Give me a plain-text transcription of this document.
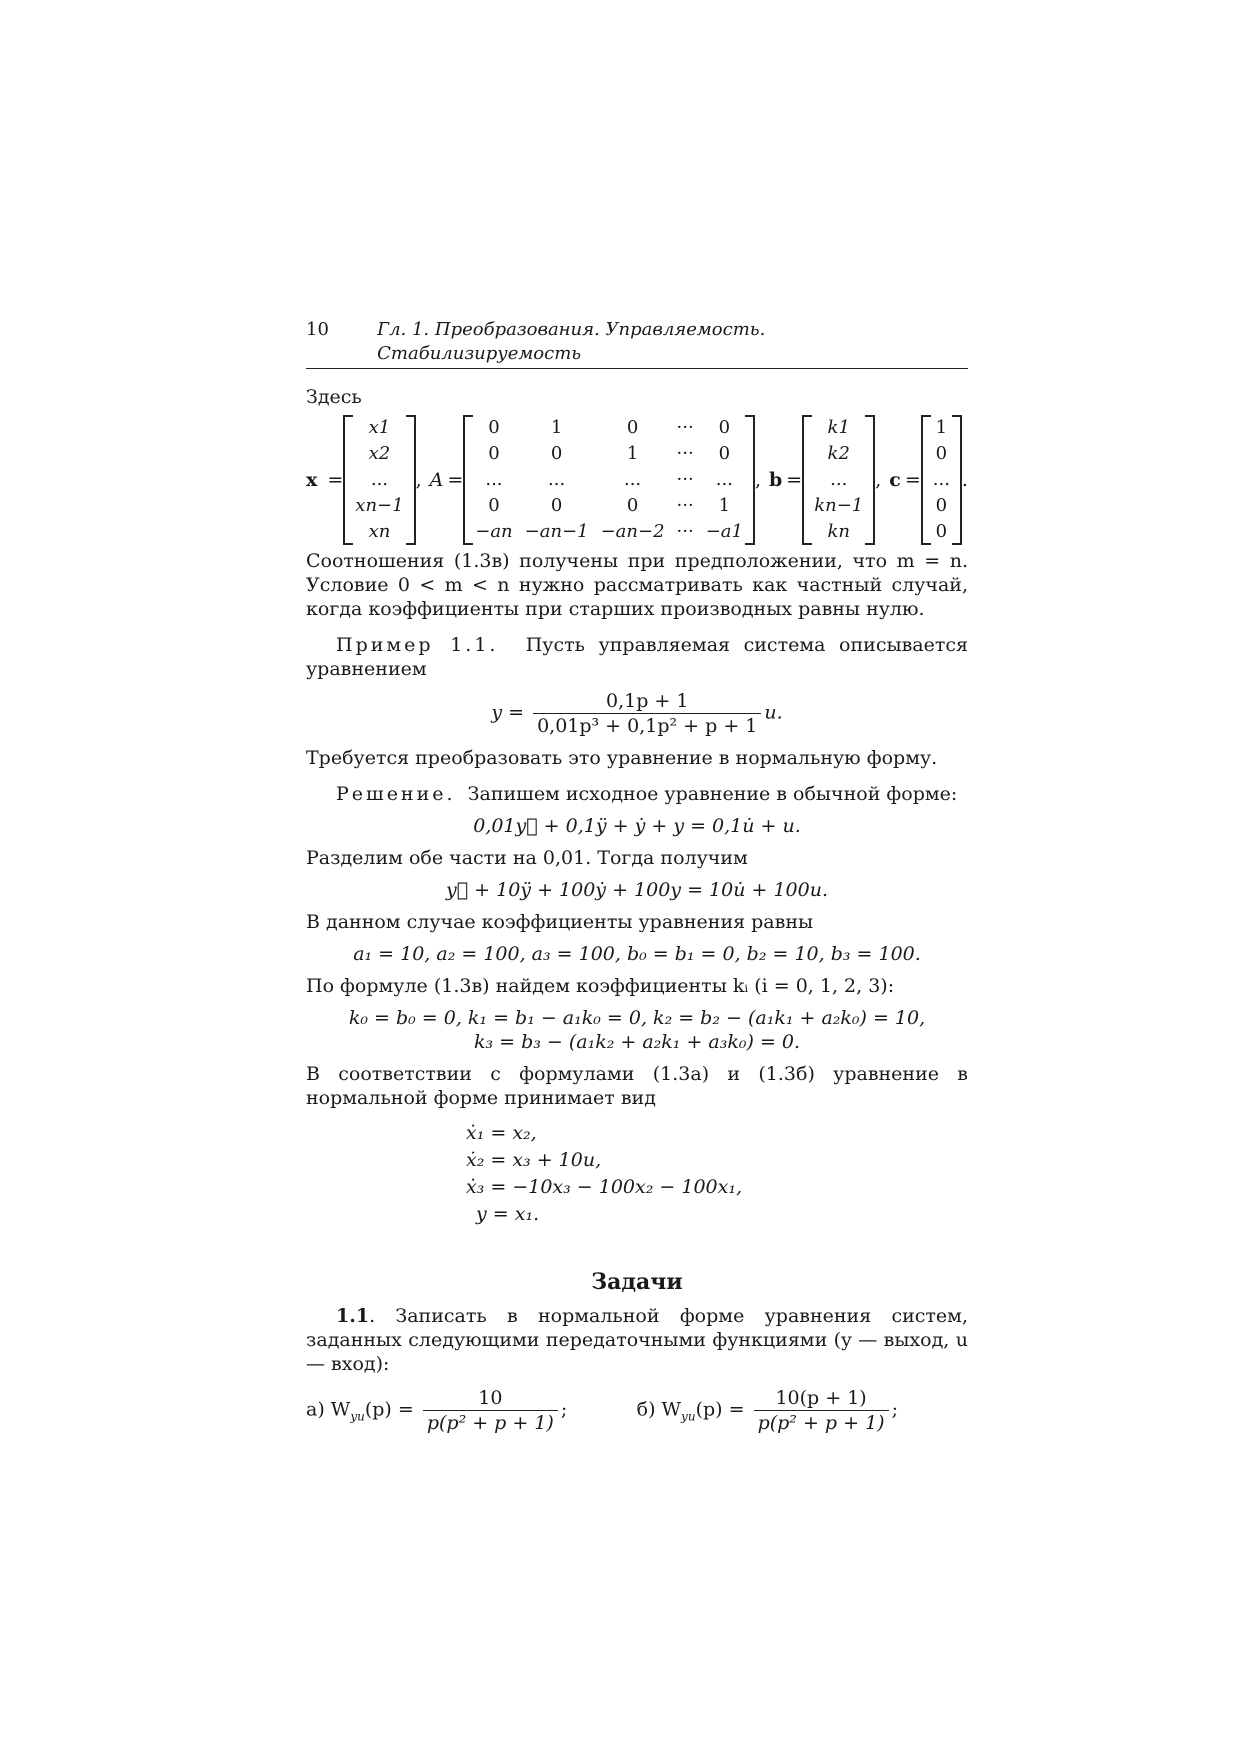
10	Гл. 1. Преобразования. Управляемость. Стабилизируемость

Здесь

x =
x1
x2
...
xn−1
xn
, A =
0	1	0	···	0
0	0	1	···	0
...	...	...	···	...
0	0	0	···	1
−an	−an−1	−an−2	···	−a1
, b =
k1
k2
...
kn−1
kn
, c =
1
0
...
0
0
.

Соотношения (1.3в) получены при предположении, что m = n. Условие 0 < m < n нужно рассматривать как частный случай, когда коэффициенты при старших производных равны нулю.

Пример 1.1. Пусть управляемая система описывается уравнением

$y = \frac{0,1p + 1}{\text{0,01p³ + 0,1p² + p + 1}} u$.

Требуется преобразовать это уравнение в нормальную форму.

Решение. Запишем исходное уравнение в обычной форме:

0,01y⃛ + 0,1ÿ + ẏ + y = 0,1u̇ + u.

Разделим обе части на 0,01. Тогда получим

y⃛ + 10ÿ + 100ẏ + 100y = 10u̇ + 100u.

В данном случае коэффициенты уравнения равны

a₁ = 10, a₂ = 100, a₃ = 100, b₀ = b₁ = 0, b₂ = 10, b₃ = 100.

По формуле (1.3в) найдем коэффициенты kᵢ (i = 0, 1, 2, 3):

k₀ = b₀ = 0, k₁ = b₁ − a₁k₀ = 0, k₂ = b₂ − (a₁k₁ + a₂k₀) = 10,
k₃ = b₃ − (a₁k₂ + a₂k₁ + a₃k₀) = 0.

В соответствии с формулами (1.3а) и (1.3б) уравнение в нормальной форме принимает вид

ẋ₁ = x₂,
ẋ₂ = x₃ + 10u,
ẋ₃ = −10x₃ − 100x₂ − 100x₁,
y = x₁.
Задачи

1.1. Записать в нормальной форме уравнения систем, заданных следующими передаточными функциями (y — выход, u — вход):

а) $W_{yu}(p) = \frac{10}{\text{p(p² + p + 1)}}$ ;	б) $W_{yu}(p) = \frac{10(p + 1)}{\text{p(p² + p + 1)}}$ ;
